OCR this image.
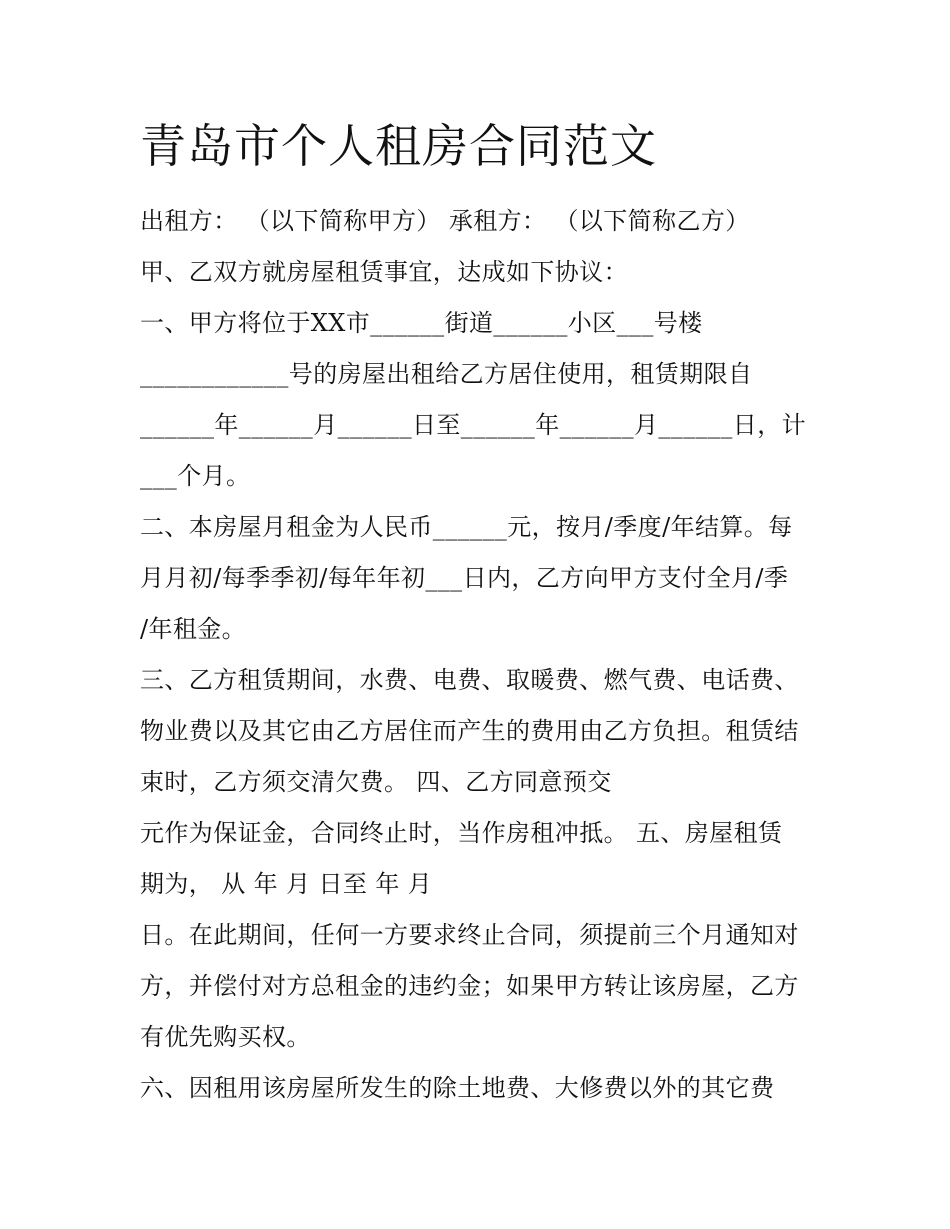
青岛市个人租房合同范文
出租方： （以下简称甲方） 承租方： （以下简称乙方）
甲、乙双方就房屋租赁事宜，达成如下协议：
一、甲方将位于XX市______街道______小区___号楼
____________号的房屋出租给乙方居住使用，租赁期限自
______年______月______日至______年______月______日，计
___个月。
二、本房屋月租金为人民币______元，按月/季度/年结算。每
月月初/每季季初/每年年初___日内，乙方向甲方支付全月/季
/年租金。
三、乙方租赁期间，水费、电费、取暖费、燃气费、电话费、
物业费以及其它由乙方居住而产生的费用由乙方负担。租赁结
束时，乙方须交清欠费。 四、乙方同意预交
元作为保证金，合同终止时，当作房租冲抵。 五、房屋租赁
期为， 从 年 月 日至 年 月
日。在此期间，任何一方要求终止合同，须提前三个月通知对
方，并偿付对方总租金的违约金；如果甲方转让该房屋，乙方
有优先购买权。
六、因租用该房屋所发生的除土地费、大修费以外的其它费
